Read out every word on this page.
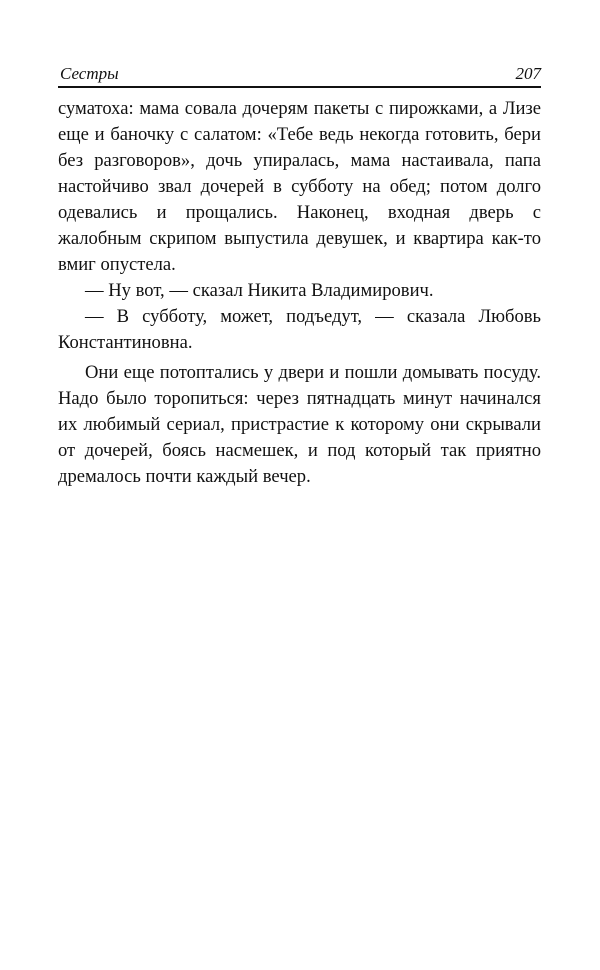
Сестры	207

суматоха: мама совала дочерям пакеты с пирожками, а Лизе еще и баночку с салатом: «Тебе ведь некогда готовить, бери без разговоров», дочь упиралась, мама настаивала, папа настойчиво звал дочерей в субботу на обед; потом долго одевались и прощались. Наконец, входная дверь с жалобным скрипом выпустила девушек, и квартира как-то вмиг опустела.

— Ну вот, — сказал Никита Владимирович.

— В субботу, может, подъедут, — сказала Любовь Константиновна.

Они еще потоптались у двери и пошли домывать посуду. Надо было торопиться: через пятнадцать минут начинался их любимый сериал, пристрастие к которому они скрывали от дочерей, боясь насмешек, и под который так приятно дремалось почти каждый вечер.
